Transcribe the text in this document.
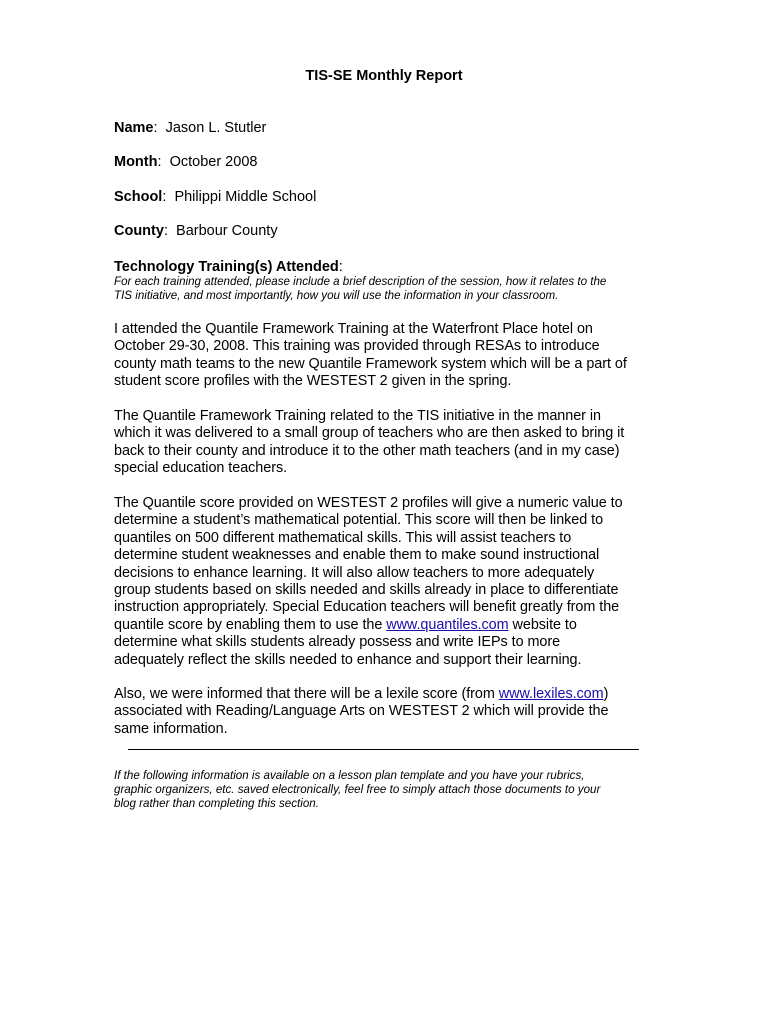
TIS-SE Monthly Report
Name:  Jason L. Stutler
Month:  October 2008
School:  Philippi Middle School
County:  Barbour County
Technology Training(s) Attended:
For each training attended, please include a brief description of the session, how it relates to the
TIS initiative, and most importantly, how you will use the information in your classroom.
I attended the Quantile Framework Training at the Waterfront Place hotel on
October 29-30, 2008. This training was provided through RESAs to introduce
county math teams to the new Quantile Framework system which will be a part of
student score profiles with the WESTEST 2 given in the spring.
The Quantile Framework Training related to the TIS initiative in the manner in
which it was delivered to a small group of teachers who are then asked to bring it
back to their county and introduce it to the other math teachers (and in my case)
special education teachers.
The Quantile score provided on WESTEST 2 profiles will give a numeric value to
determine a student’s mathematical potential. This score will then be linked to
quantiles on 500 different mathematical skills. This will assist teachers to
determine student weaknesses and enable them to make sound instructional
decisions to enhance learning. It will also allow teachers to more adequately
group students based on skills needed and skills already in place to differentiate
instruction appropriately. Special Education teachers will benefit greatly from the
quantile score by enabling them to use the www.quantiles.com website to
determine what skills students already possess and write IEPs to more
adequately reflect the skills needed to enhance and support their learning.
Also, we were informed that there will be a lexile score (from www.lexiles.com)
associated with Reading/Language Arts on WESTEST 2 which will provide the
same information.
If the following information is available on a lesson plan template and you have your rubrics,
graphic organizers, etc. saved electronically, feel free to simply attach those documents to your
blog rather than completing this section.
